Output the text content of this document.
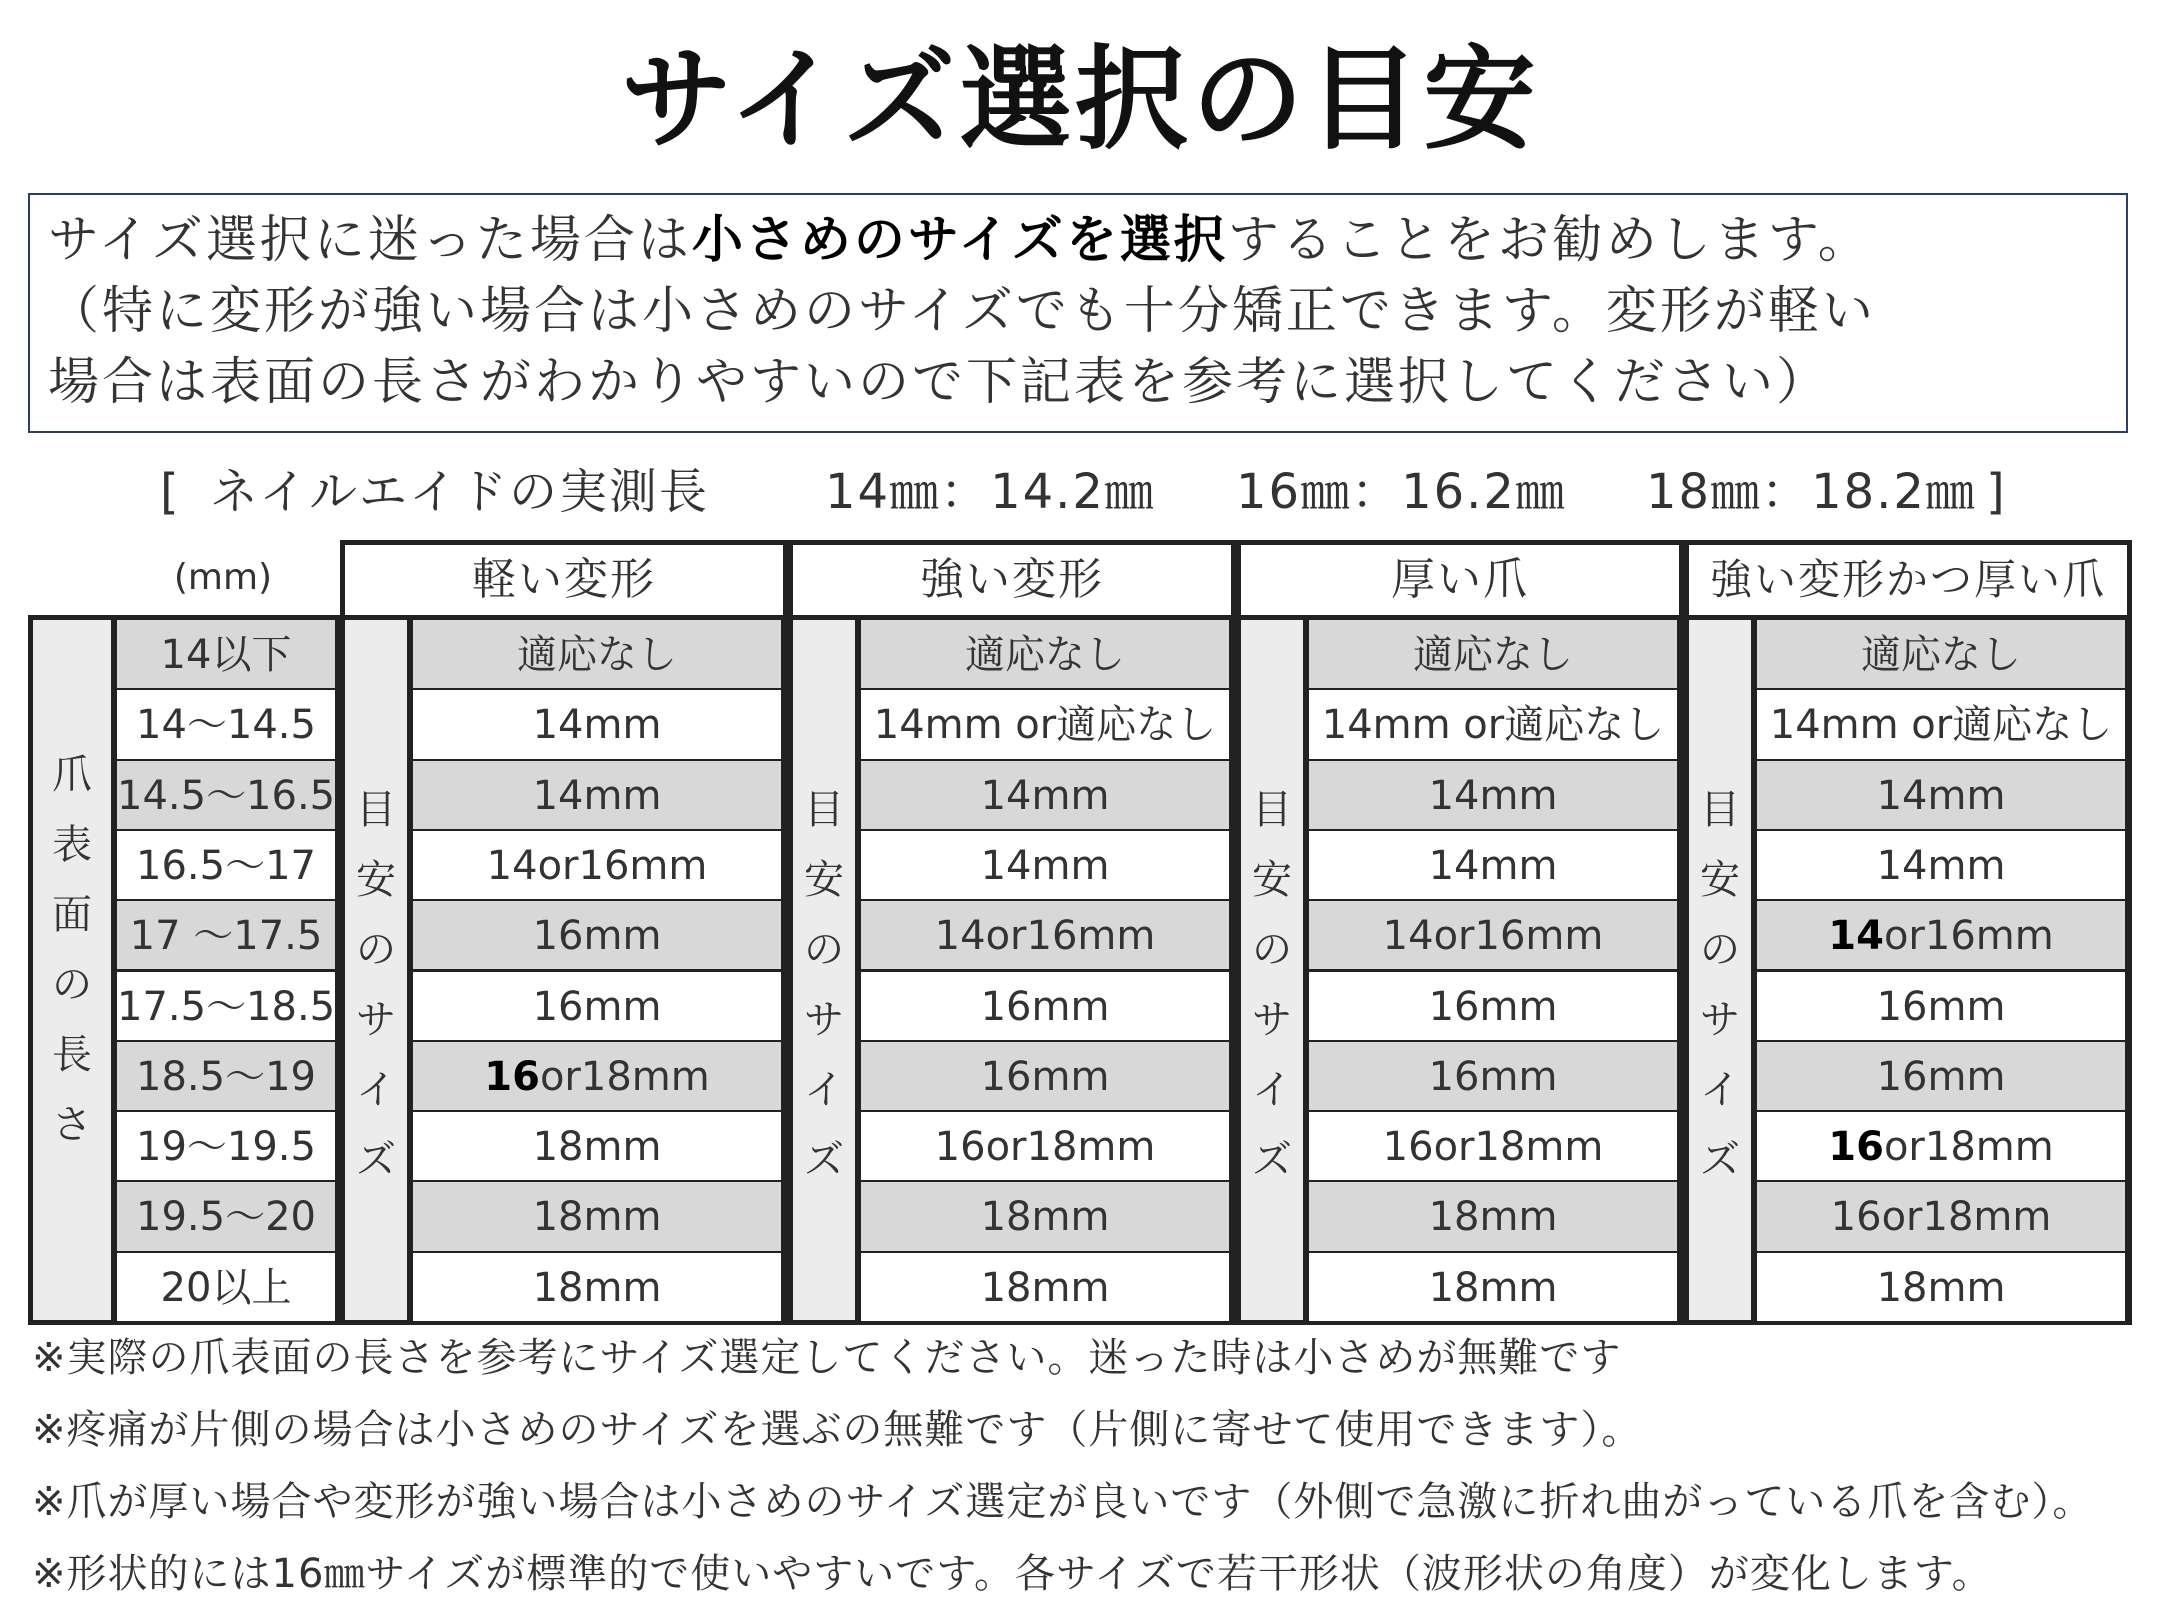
サイズ選択の目安
サイズ選択に迷った場合は小さめのサイズを選択することをお勧めします。
（特に変形が強い場合は小さめのサイズでも十分矯正できます。変形が軽い
場合は表面の長さがわかりやすいので下記表を参考に選択してください）
[ ネイルエイドの実測長 14㎜：14.2㎜ 16㎜：16.2㎜ 18㎜：18.2㎜ ]
(mm)
爪
表
面
の
長
さ
14以下
14～14.5
14.5～16.5
16.5～17
17 ～17.5
17.5～18.5
18.5～19
19～19.5
19.5～20
20以上
軽い変形
目
安
の
サ
イ
ズ
適応なし
14mm
14mm
14or16mm
16mm
16mm
16or18mm
18mm
18mm
18mm
強い変形
目
安
の
サ
イ
ズ
適応なし
14mm or適応なし
14mm
14mm
14or16mm
16mm
16mm
16or18mm
18mm
18mm
厚い爪
目
安
の
サ
イ
ズ
適応なし
14mm or適応なし
14mm
14mm
14or16mm
16mm
16mm
16or18mm
18mm
18mm
強い変形かつ厚い爪
目
安
の
サ
イ
ズ
適応なし
14mm or適応なし
14mm
14mm
14or16mm
16mm
16mm
16or18mm
16or18mm
18mm
※実際の爪表面の長さを参考にサイズ選定してください。迷った時は小さめが無難です
※疼痛が片側の場合は小さめのサイズを選ぶの無難です（片側に寄せて使用できます）。
※爪が厚い場合や変形が強い場合は小さめのサイズ選定が良いです（外側で急激に折れ曲がっている爪を含む）。
※形状的には16㎜サイズが標準的で使いやすいです。各サイズで若干形状（波形状の角度）が変化します。
